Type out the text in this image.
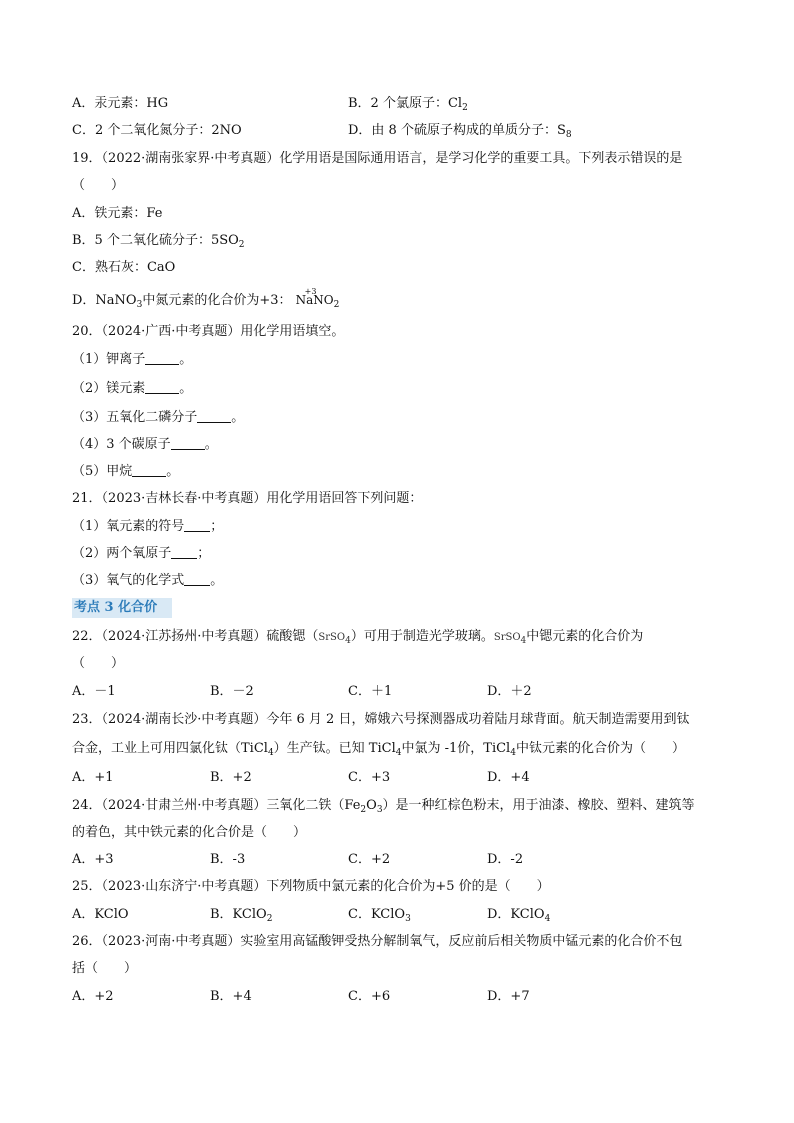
A．汞元素：HG	B．2 个氯原子：$Cl_2$
C．2 个二氧化氮分子：2NO	D．由 8 个硫原子构成的单质分子：$S_8$
19．（2022·湖南张家界·中考真题）化学用语是国际通用语言，是学习化学的重要工具。下列表示错误的是
（　　）
A．铁元素：Fe
B．5 个二氧化硫分子：$5SO_2$
C．熟石灰：CaO
D．NaNO$_3$中氮元素的化合价为+3： NaN
+3
$O_2$
20．（2024·广西·中考真题）用化学用语填空。
（1）钾离子	。
（2）镁元素	。
（3）五氧化二磷分子	。
（4）3 个碳原子	。
（5）甲烷	。
21．（2023·吉林长春·中考真题）用化学用语回答下列问题：
（1）氧元素的符号 ；
（2）两个氧原子 ；
（3）氧气的化学式 。
考点 3 化合价
22．（2024·江苏扬州·中考真题）硫酸锶（SrSO$_4$）可用于制造光学玻璃。SrSO$_4$中锶元素的化合价为
（　　）
A．－1	B．－2	C．＋1	D．＋2
23．（2024·湖南长沙·中考真题）今年 6 月 2 日，嫦娥六号探测器成功着陆月球背面。航天制造需要用到钛
合金，工业上可用四氯化钛（TiCl$_4$）生产钛。已知 TiCl$_4$中氯为 -1价，TiCl$_4$中钛元素的化合价为（　　）
A．+1	B．+2	C．+3	D．+4
24．（2024·甘肃兰州·中考真题）三氧化二铁$(Fe_2O_3)$是一种红棕色粉末，用于油漆、橡胶、塑料、建筑等
的着色，其中铁元素的化合价是（　　）
A．+3	B．-3	C．+2	D．-2
25．（2023·山东济宁·中考真题）下列物质中氯元素的化合价为+5 价的是（　　）
A．KClO	B．KClO$_2$	C．KClO$_3$	D．KClO$_4$
26．（2023·河南·中考真题）实验室用高锰酸钾受热分解制氧气，反应前后相关物质中锰元素的化合价不包
括（　　）
A．+2	B．+4	C．+6	D．+7
